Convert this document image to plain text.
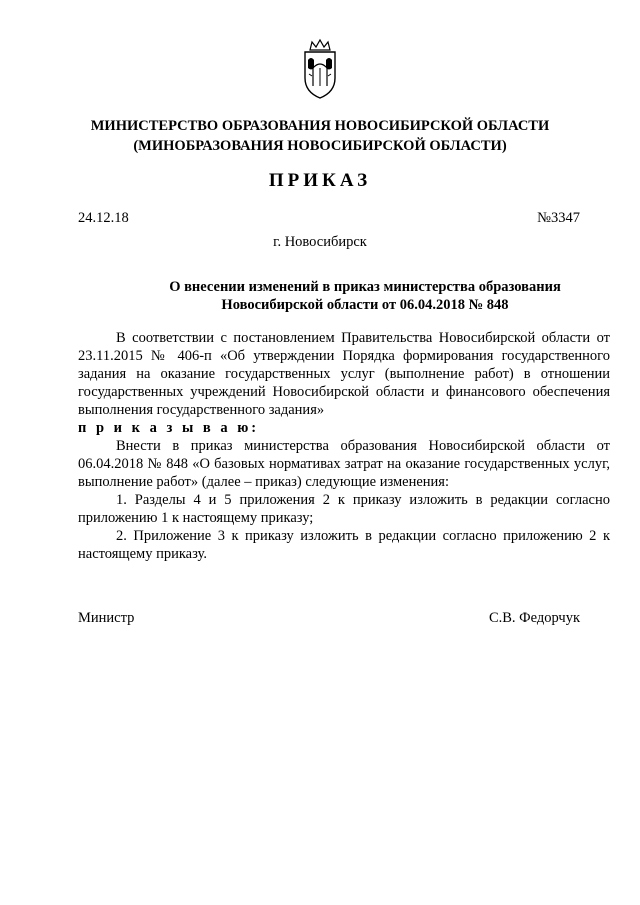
МИНИСТЕРСТВО ОБРАЗОВАНИЯ НОВОСИБИРСКОЙ ОБЛАСТИ
(МИНОБРАЗОВАНИЯ НОВОСИБИРСКОЙ ОБЛАСТИ)
ПРИКАЗ
24.12.18	№3347
г. Новосибирск
О внесении изменений в приказ министерства образования
Новосибирской области от 06.04.2018 № 848

В соответствии с постановлением Правительства Новосибирской области от 23.11.2015 № 406-п «Об утверждении Порядка формирования государственного задания на оказание государственных услуг (выполнение работ) в отношении государственных учреждений Новосибирской области и финансового обеспечения выполнения государственного задания»

п р и к а з ы в а ю:

Внести в приказ министерства образования Новосибирской области от 06.04.2018 № 848 «О базовых нормативах затрат на оказание государственных услуг, выполнение работ» (далее – приказ) следующие изменения:

1. Разделы 4 и 5 приложения 2 к приказу изложить в редакции согласно приложению 1 к настоящему приказу;

2. Приложение 3 к приказу изложить в редакции согласно приложению 2 к настоящему приказу.

Министр	С.В. Федорчук
